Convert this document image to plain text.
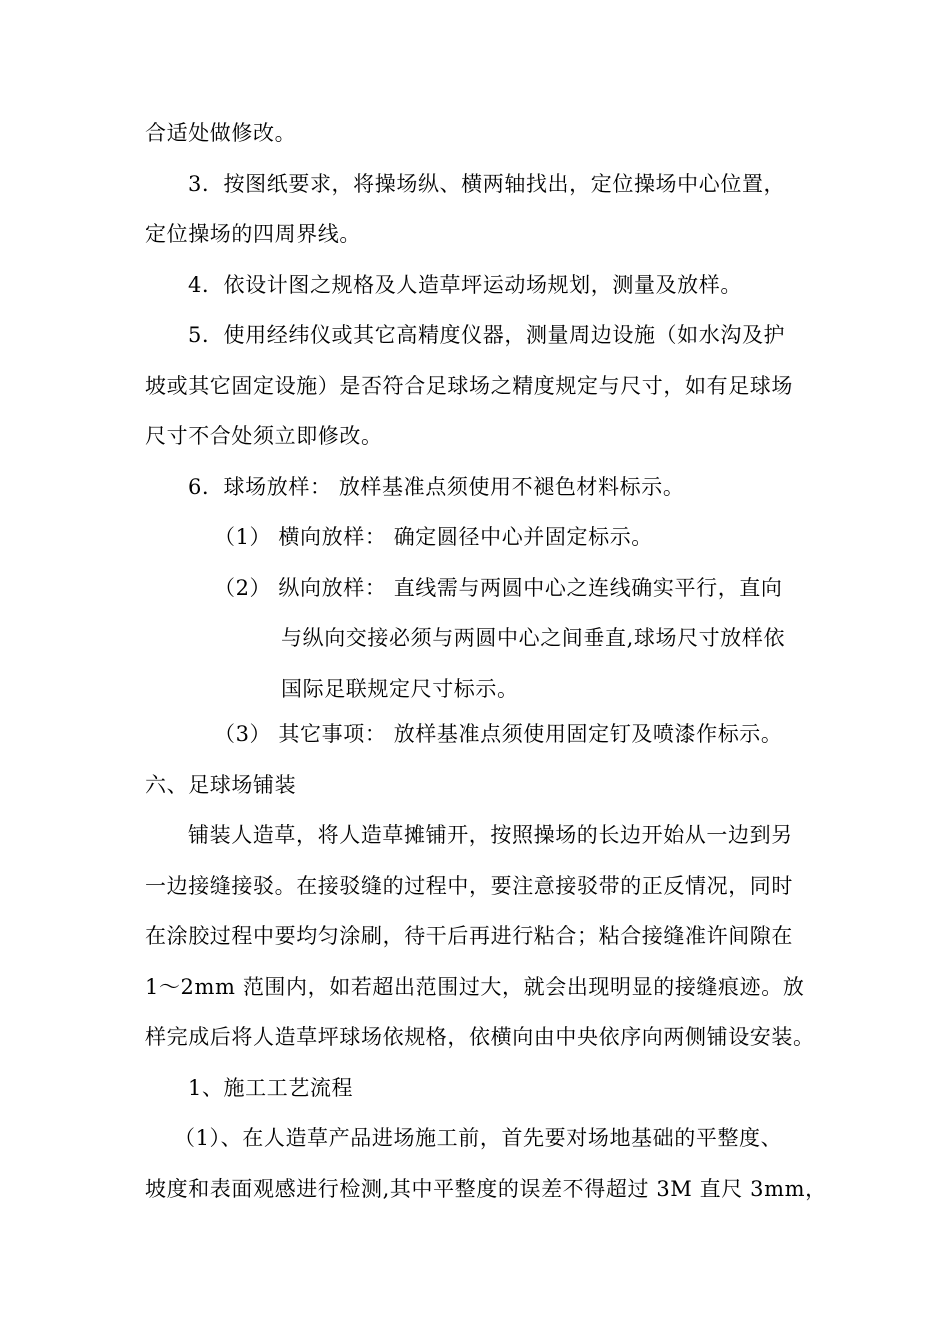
合适处做修改。
3．按图纸要求，将操场纵、横两轴找出，定位操场中心位置，
定位操场的四周界线。
4．依设计图之规格及人造草坪运动场规划，测量及放样。
5．使用经纬仪或其它高精度仪器，测量周边设施（如水沟及护
坡或其它固定设施）是否符合足球场之精度规定与尺寸，如有足球场
尺寸不合处须立即修改。
6．球场放样： 放样基准点须使用不褪色材料标示。
（1） 横向放样： 确定圆径中心并固定标示。
（2） 纵向放样： 直线需与两圆中心之连线确实平行，直向
与纵向交接必须与两圆中心之间垂直,球场尺寸放样依
国际足联规定尺寸标示。
（3） 其它事项： 放样基准点须使用固定钉及喷漆作标示。
六、足球场铺装
铺装人造草，将人造草摊铺开，按照操场的长边开始从一边到另
一边接缝接驳。在接驳缝的过程中，要注意接驳带的正反情况，同时
在涂胶过程中要均匀涂刷，待干后再进行粘合；粘合接缝准许间隙在
1～2mm 范围内，如若超出范围过大，就会出现明显的接缝痕迹。放
样完成后将人造草坪球场依规格，依横向由中央依序向两侧铺设安装。
1、施工工艺流程
（1）、在人造草产品进场施工前，首先要对场地基础的平整度、
坡度和表面观感进行检测,其中平整度的误差不得超过 3M 直尺 3mm，
